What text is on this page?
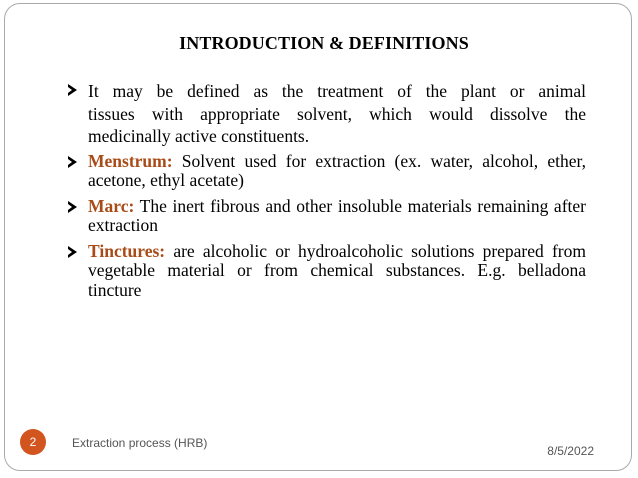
INTRODUCTION & DEFINITIONS
It may be defined as the treatment of the plant or animal
tissues with appropriate solvent, which would dissolve the
medicinally active constituents.
Menstrum: Solvent used for extraction (ex. water, alcohol, ether, acetone, ethyl acetate)
Marc: The inert fibrous and other insoluble materials remaining after extraction
Tinctures: are alcoholic or hydroalcoholic solutions prepared from vegetable material or from chemical substances. E.g. belladona tincture
2	Extraction process (HRB)
8/5/2022
